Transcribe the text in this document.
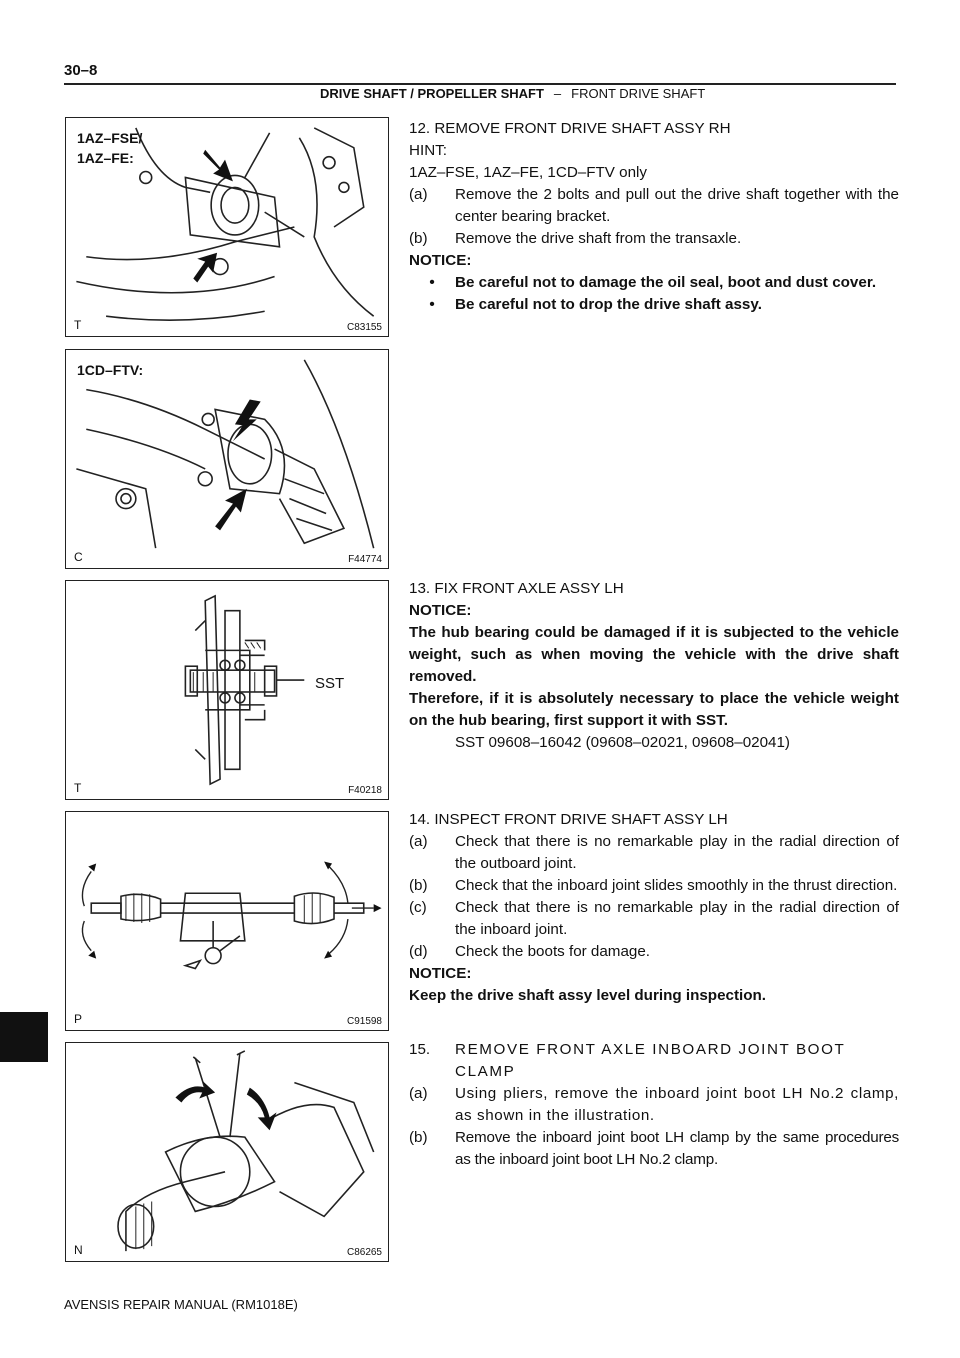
30–8
DRIVE SHAFT / PROPELLER SHAFT – FRONT DRIVE SHAFT
1AZ–FSE/
1AZ–FE:
T	C83155
1CD–FTV:
C	F44774
SST
T	F40218
P	C91598
N	C86265

12. REMOVE FRONT DRIVE SHAFT ASSY RH

HINT:

1AZ–FSE, 1AZ–FE, 1CD–FTV only

(a)	Remove the 2 bolts and pull out the drive shaft together with the center bearing bracket.
(b)	Remove the drive shaft from the transaxle.

NOTICE:

•	Be careful not to damage the oil seal, boot and dust cover.
•	Be careful not to drop the drive shaft assy.

13. FIX FRONT AXLE ASSY LH

NOTICE:

The hub bearing could be damaged if it is subjected to the vehicle weight, such as when moving the vehicle with the drive shaft removed.

Therefore, if it is absolutely necessary to place the vehicle weight on the hub bearing, first support it with SST.

SST 09608–16042 (09608–02021, 09608–02041)

14. INSPECT FRONT DRIVE SHAFT ASSY LH

(a)	Check that there is no remarkable play in the radial direction of the outboard joint.
(b)	Check that the inboard joint slides smoothly in the thrust direction.
(c)	Check that there is no remarkable play in the radial direction of the inboard joint.
(d)	Check the boots for damage.

NOTICE:

Keep the drive shaft assy level during inspection.

15.	REMOVE FRONT AXLE INBOARD JOINT BOOT CLAMP
(a)	Using pliers, remove the inboard joint boot LH No.2 clamp, as shown in the illustration.
(b)	Remove the inboard joint boot LH clamp by the same procedures as the inboard joint boot LH No.2 clamp.
AVENSIS REPAIR MANUAL (RM1018E)
